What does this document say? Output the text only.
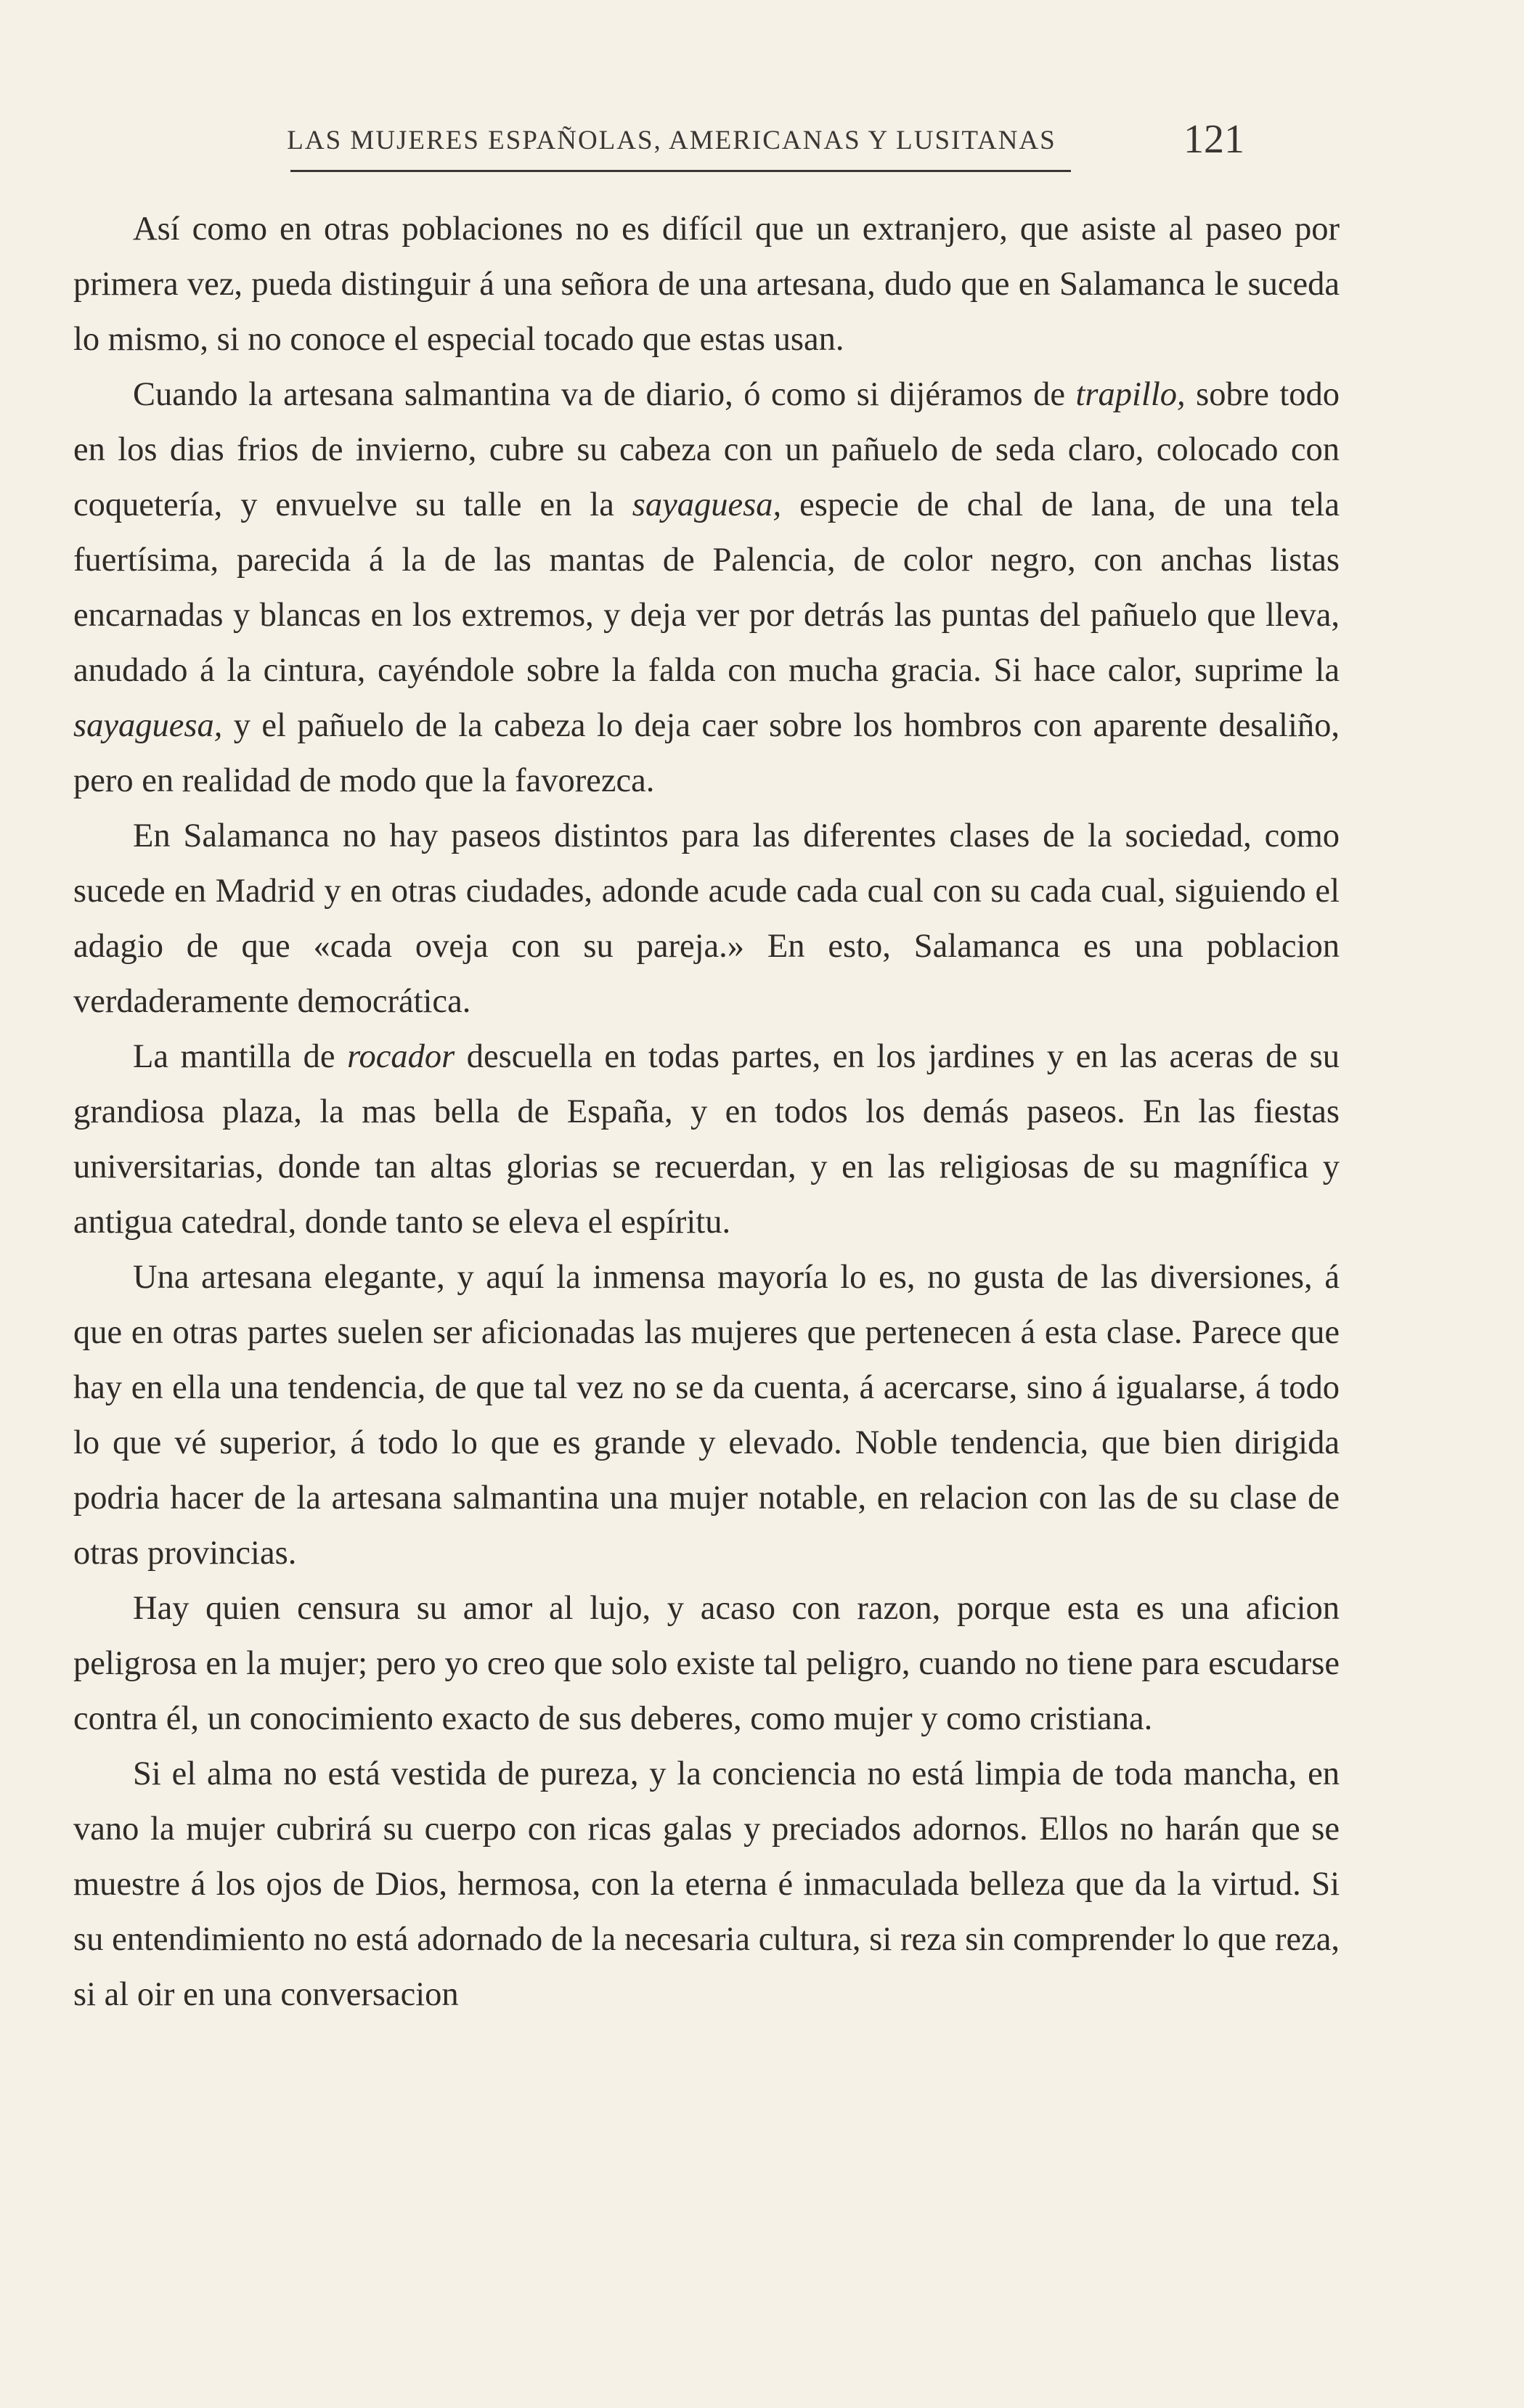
LAS MUJERES ESPAÑOLAS, AMERICANAS Y LUSITANAS	121

Así como en otras poblaciones no es difícil que un extranjero, que asiste al paseo por primera vez, pueda distinguir á una señora de una artesana, dudo que en Salamanca le suceda lo mismo, si no conoce el especial tocado que estas usan.

Cuando la artesana salmantina va de diario, ó como si dijéramos de trapillo, sobre todo en los dias frios de invierno, cubre su cabeza con un pañuelo de seda claro, colocado con coquetería, y envuelve su talle en la sayaguesa, especie de chal de lana, de una tela fuertísima, parecida á la de las mantas de Palencia, de color negro, con anchas listas encarnadas y blancas en los extremos, y deja ver por detrás las puntas del pañuelo que lleva, anudado á la cintura, cayéndole sobre la falda con mucha gracia. Si hace calor, suprime la sayaguesa, y el pañuelo de la cabeza lo deja caer sobre los hombros con aparente desaliño, pero en realidad de modo que la favorezca.

En Salamanca no hay paseos distintos para las diferentes clases de la sociedad, como sucede en Madrid y en otras ciudades, adonde acude cada cual con su cada cual, siguiendo el adagio de que «cada oveja con su pareja.» En esto, Salamanca es una poblacion verdaderamente democrática.

La mantilla de rocador descuella en todas partes, en los jardines y en las aceras de su grandiosa plaza, la mas bella de España, y en todos los demás paseos. En las fiestas universitarias, donde tan altas glorias se recuerdan, y en las religiosas de su magnífica y antigua catedral, donde tanto se eleva el espíritu.

Una artesana elegante, y aquí la inmensa mayoría lo es, no gusta de las diversiones, á que en otras partes suelen ser aficionadas las mujeres que pertenecen á esta clase. Parece que hay en ella una tendencia, de que tal vez no se da cuenta, á acercarse, sino á igualarse, á todo lo que vé superior, á todo lo que es grande y elevado. Noble tendencia, que bien dirigida podria hacer de la artesana salmantina una mujer notable, en relacion con las de su clase de otras provincias.

Hay quien censura su amor al lujo, y acaso con razon, porque esta es una aficion peligrosa en la mujer; pero yo creo que solo existe tal peligro, cuando no tiene para escudarse contra él, un conocimiento exacto de sus deberes, como mujer y como cristiana.

Si el alma no está vestida de pureza, y la conciencia no está limpia de toda mancha, en vano la mujer cubrirá su cuerpo con ricas galas y preciados adornos. Ellos no harán que se muestre á los ojos de Dios, hermosa, con la eterna é inmaculada belleza que da la virtud. Si su entendimiento no está adornado de la necesaria cultura, si reza sin comprender lo que reza, si al oir en una conversacion
